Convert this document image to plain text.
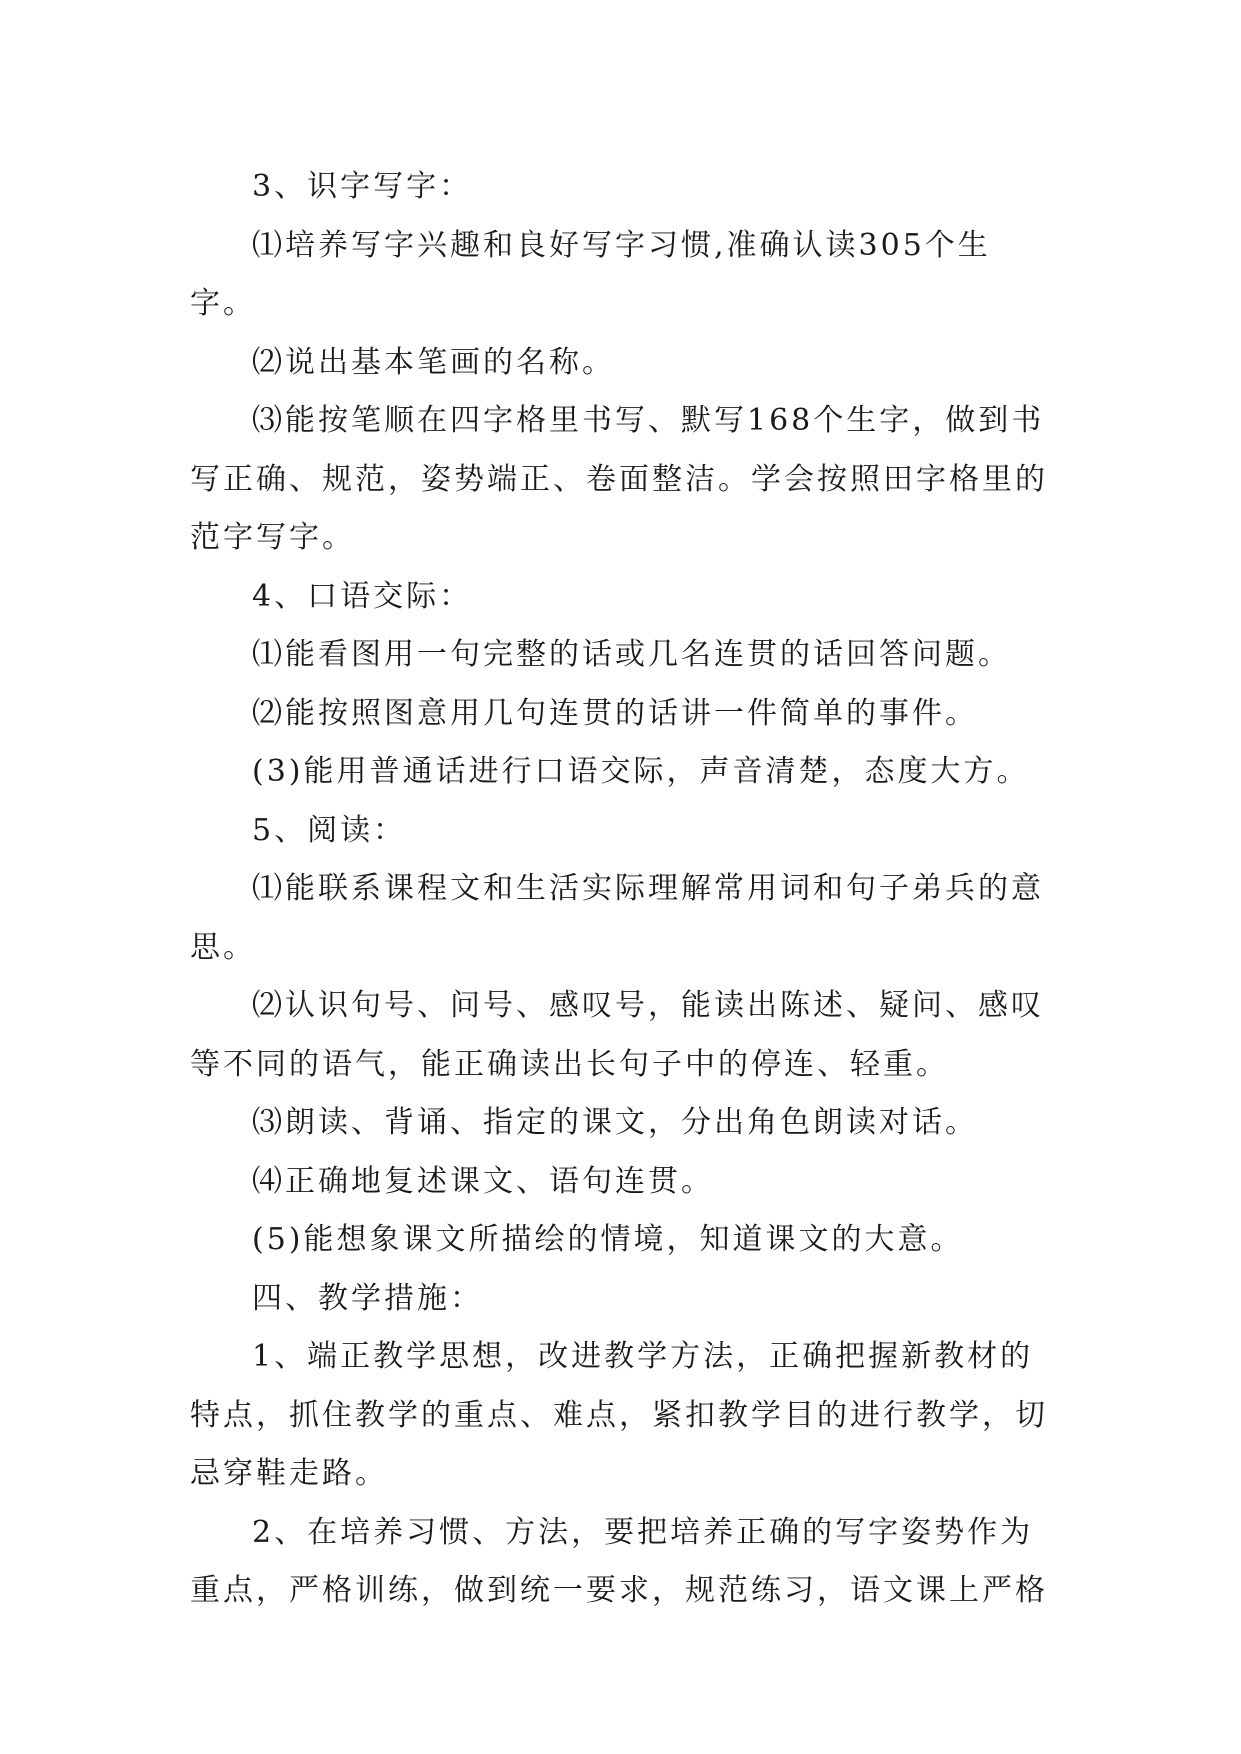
3、识字写字：

⑴培养写字兴趣和良好写字习惯,准确认读305个生字。

⑵说出基本笔画的名称。

⑶能按笔顺在四字格里书写、默写168个生字，做到书写正确、规范，姿势端正、卷面整洁。学会按照田字格里的范字写字。

4、口语交际：

⑴能看图用一句完整的话或几名连贯的话回答问题。

⑵能按照图意用几句连贯的话讲一件简单的事件。

(3)能用普通话进行口语交际，声音清楚，态度大方。

5、阅读：

⑴能联系课程文和生活实际理解常用词和句子弟兵的意思。

⑵认识句号、问号、感叹号，能读出陈述、疑问、感叹等不同的语气，能正确读出长句子中的停连、轻重。

⑶朗读、背诵、指定的课文，分出角色朗读对话。

⑷正确地复述课文、语句连贯。

(5)能想象课文所描绘的情境，知道课文的大意。

四、教学措施：

1、端正教学思想，改进教学方法，正确把握新教材的特点，抓住教学的重点、难点，紧扣教学目的进行教学，切忌穿鞋走路。

2、在培养习惯、方法，要把培养正确的写字姿势作为重点，严格训练，做到统一要求，规范练习，语文课上严格
